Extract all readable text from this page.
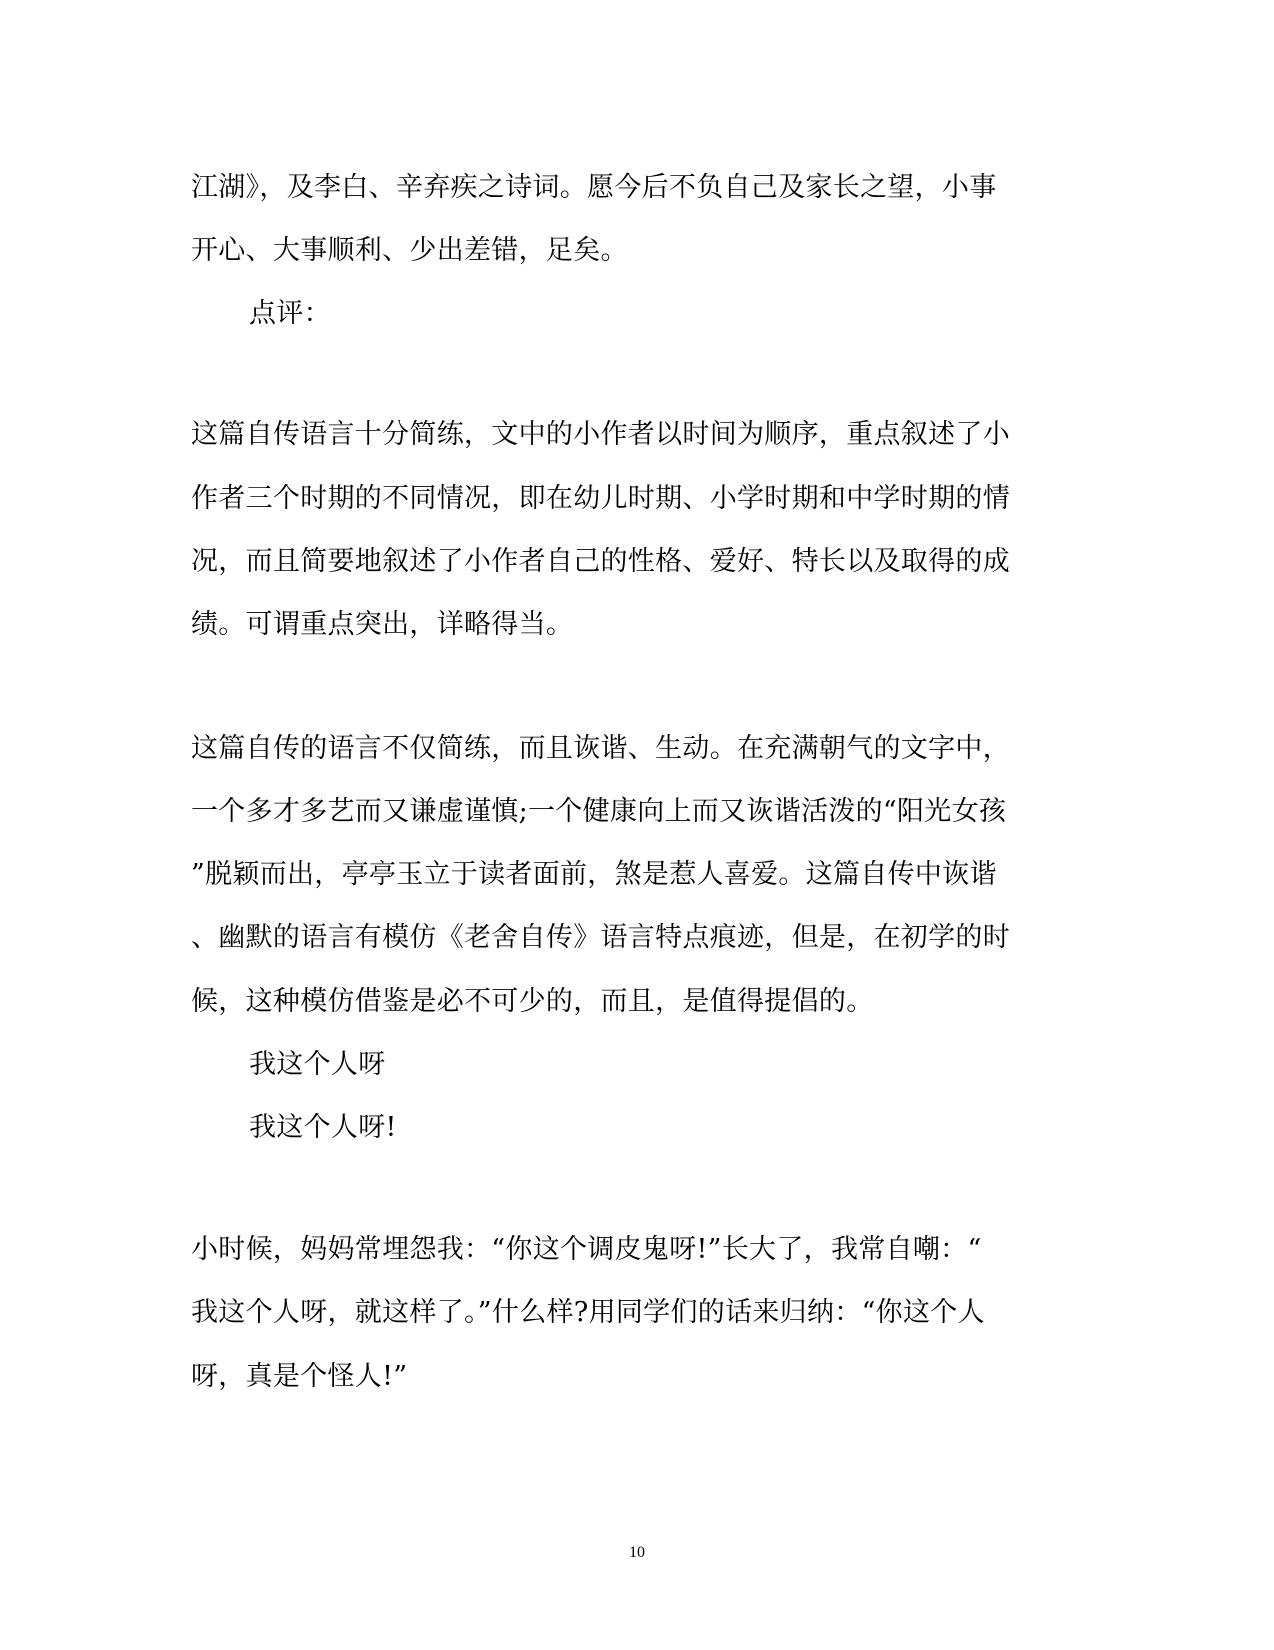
江湖》，及李白、辛弃疾之诗词。愿今后不负自己及家长之望，小事
开心、大事顺利、少出差错，足矣。
点评：
这篇自传语言十分简练，文中的小作者以时间为顺序，重点叙述了小
作者三个时期的不同情况，即在幼儿时期、小学时期和中学时期的情
况，而且简要地叙述了小作者自己的性格、爱好、特长以及取得的成
绩。可谓重点突出，详略得当。
这篇自传的语言不仅简练，而且诙谐、生动。在充满朝气的文字中，
一个多才多艺而又谦虚谨慎;一个健康向上而又诙谐活泼的“阳光女孩
”脱颖而出，亭亭玉立于读者面前，煞是惹人喜爱。这篇自传中诙谐
、幽默的语言有模仿《老舍自传》语言特点痕迹，但是，在初学的时
候，这种模仿借鉴是必不可少的，而且，是值得提倡的。
我这个人呀
我这个人呀!
小时候，妈妈常埋怨我：“你这个调皮鬼呀!”长大了，我常自嘲：“
我这个人呀，就这样了。”什么样?用同学们的话来归纳：“你这个人
呀，真是个怪人!”
10
